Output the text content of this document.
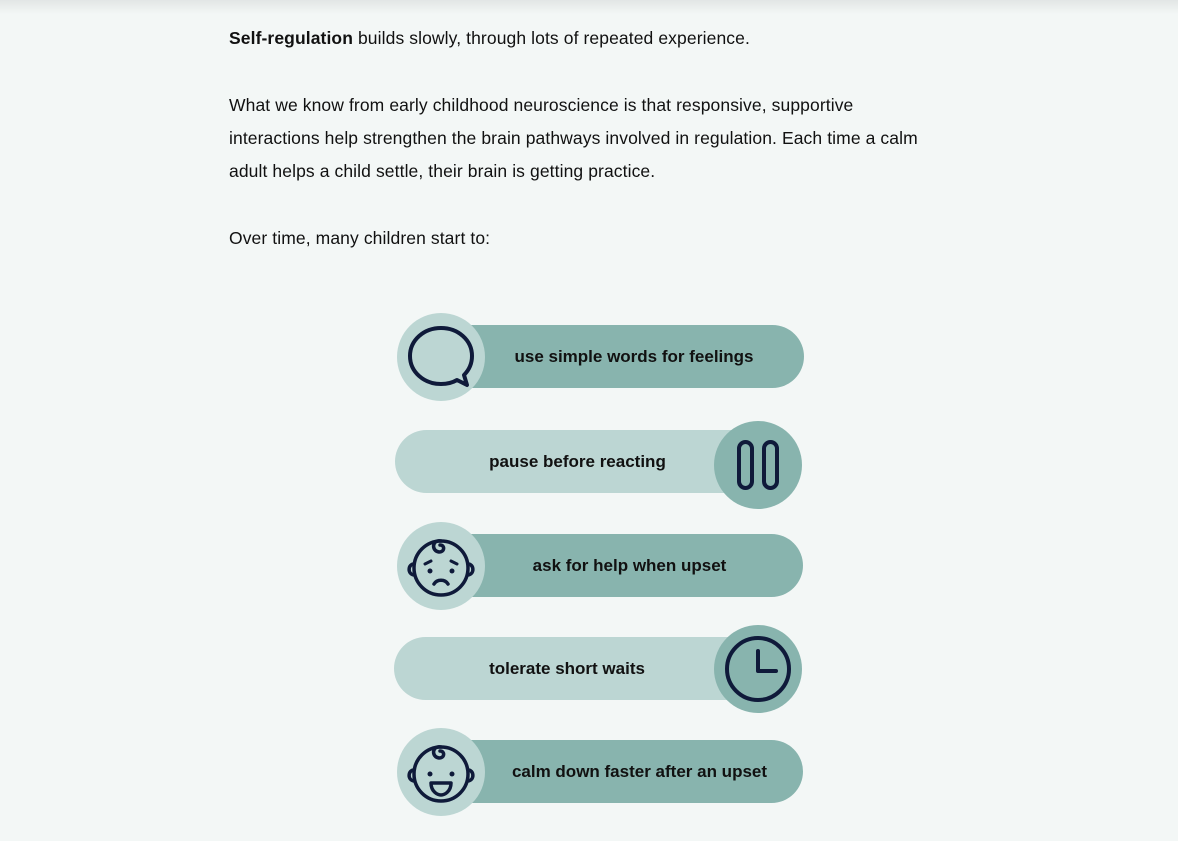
Self-regulation builds slowly, through lots of repeated experience.

What we know from early childhood neuroscience is that responsive, supportive
interactions help strengthen the brain pathways involved in regulation. Each time a calm
adult helps a child settle, their brain is getting practice.

Over time, many children start to:

use simple words for feelings
pause before reacting
ask for help when upset
tolerate short waits
calm down faster after an upset
